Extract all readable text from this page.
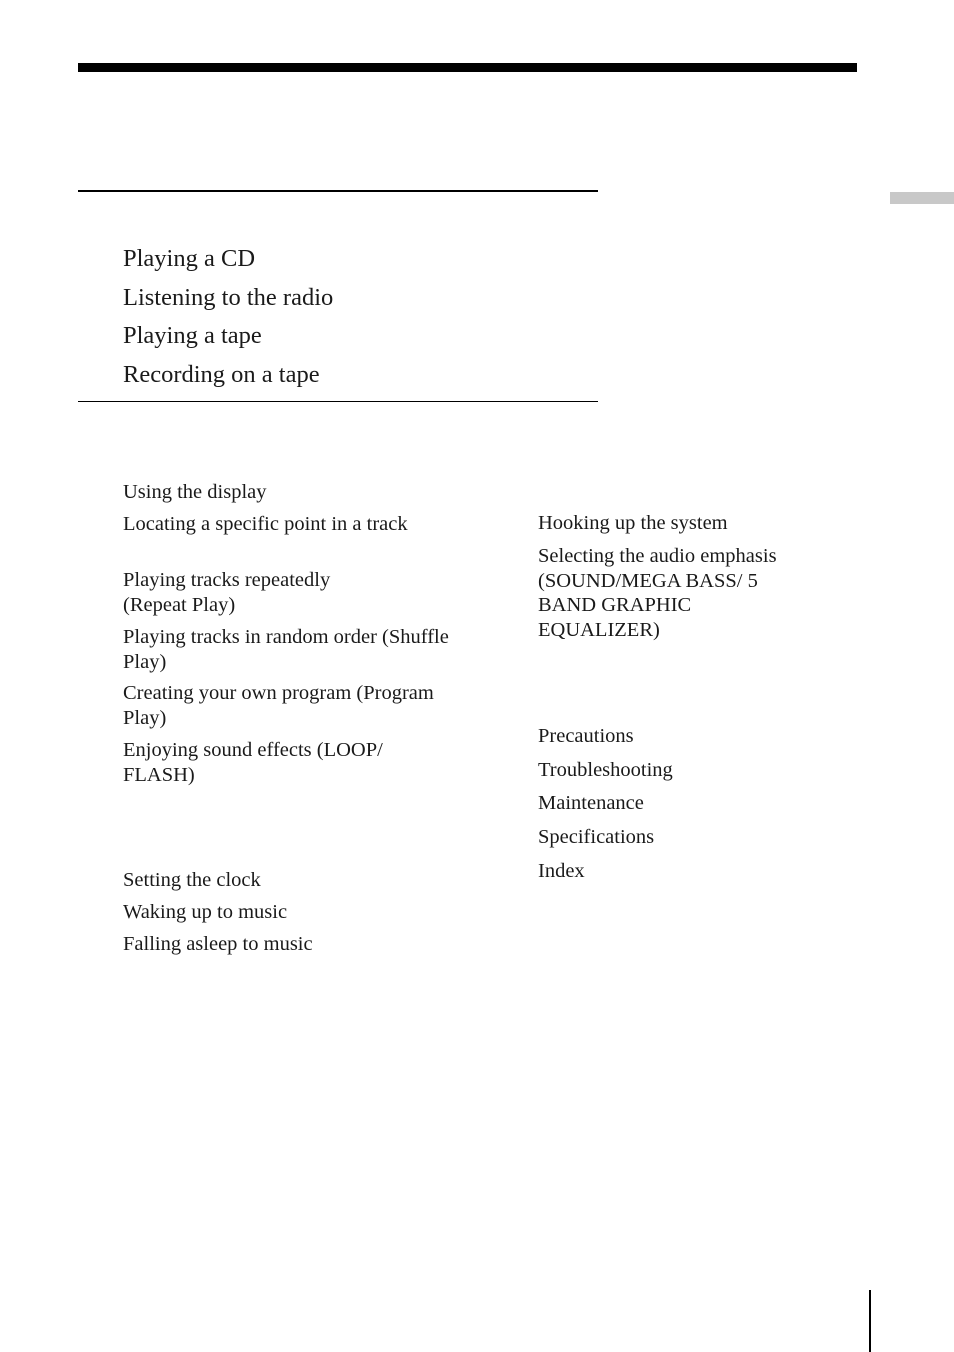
Playing a CD
Listening to the radio
Playing a tape
Recording on a tape
Using the display
Locating a specific point in a track
Playing tracks repeatedly (Repeat Play)
Playing tracks in random order (Shuffle Play)
Creating your own program (Program Play)
Enjoying sound effects (LOOP/ FLASH)
Setting the clock
Waking up to music
Falling asleep to music
Hooking up the system
Selecting the audio emphasis (SOUND/MEGA BASS/ 5 BAND GRAPHIC EQUALIZER)
Precautions
Troubleshooting
Maintenance
Specifications
Index
